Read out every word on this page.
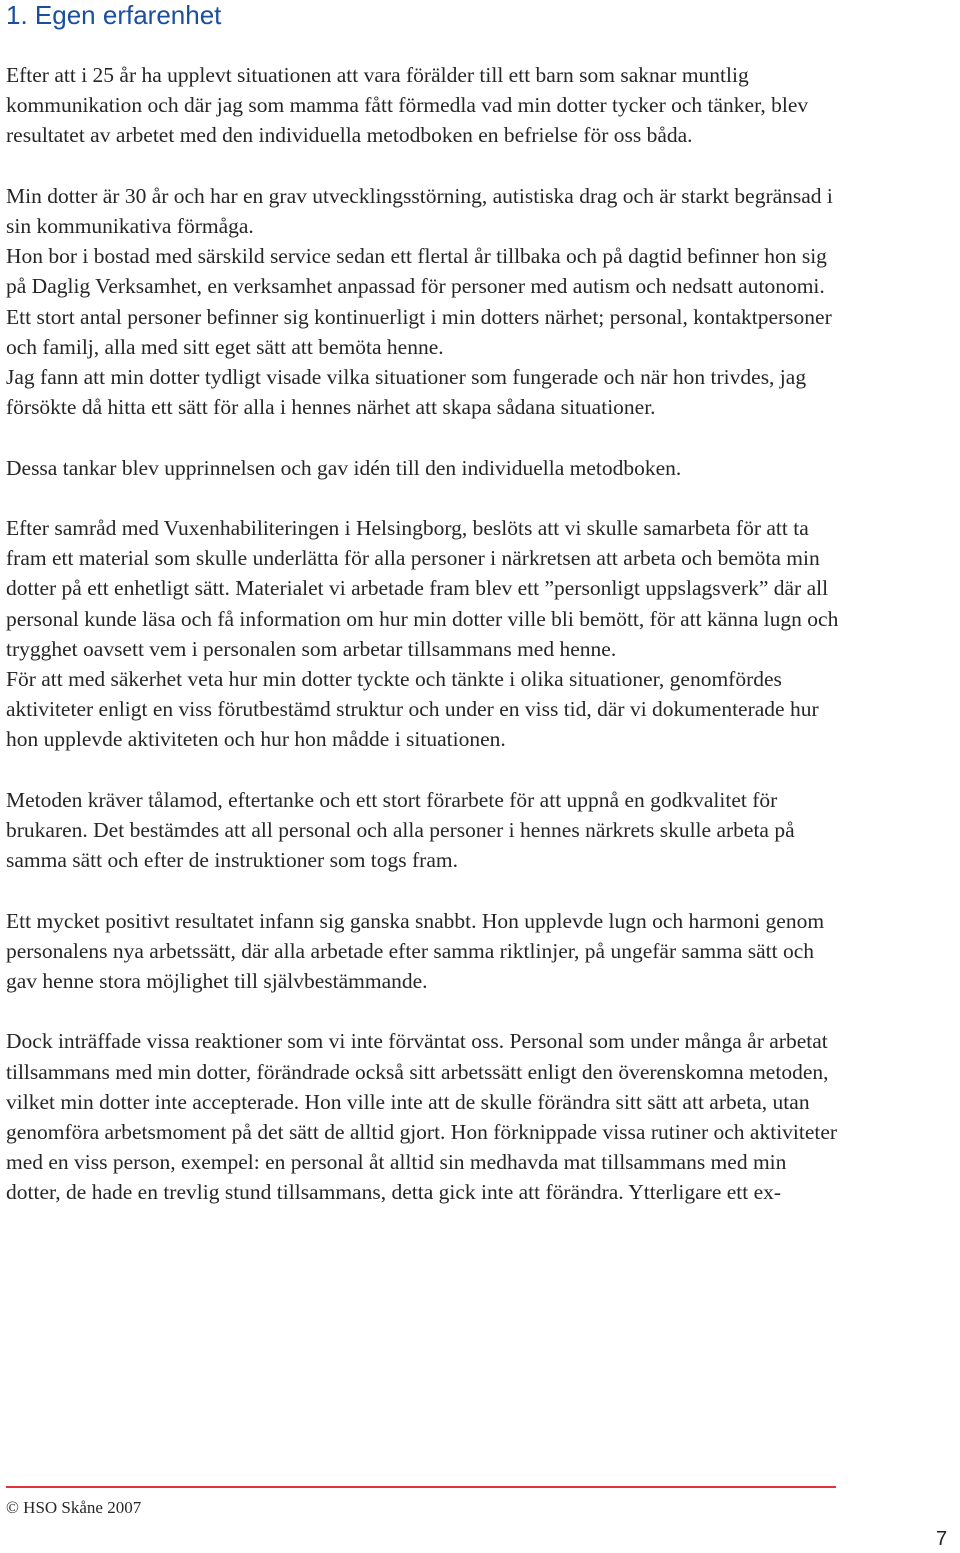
1. Egen erfarenhet

Efter att i 25 år ha upplevt situationen att vara förälder till ett barn som saknar muntlig kommunikation och där jag som mamma fått förmedla vad min dotter tycker och tänker, blev resultatet av arbetet med den individuella metodboken en befrielse för oss båda.

Min dotter är 30 år och har en grav utvecklingsstörning, autistiska drag och är starkt begränsad i sin kommunikativa förmåga.

Hon bor i bostad med särskild service sedan ett flertal år tillbaka och på dagtid befinner hon sig på Daglig Verksamhet, en verksamhet anpassad för personer med autism och nedsatt autonomi.

Ett stort antal personer befinner sig kontinuerligt i min dotters närhet; personal, kontaktpersoner och familj, alla med sitt eget sätt att bemöta henne.

Jag fann att min dotter tydligt visade vilka situationer som fungerade och när hon trivdes, jag försökte då hitta ett sätt för alla i hennes närhet att skapa sådana situationer.

Dessa tankar blev upprinnelsen och gav idén till den individuella metodboken.

Efter samråd med Vuxenhabiliteringen i Helsingborg, beslöts att vi skulle samarbeta för att ta fram ett material som skulle underlätta för alla personer i närkretsen att arbeta och bemöta min dotter på ett enhetligt sätt. Materialet vi arbetade fram blev ett ”personligt uppslagsverk” där all personal kunde läsa och få information om hur min dotter ville bli bemött, för att känna lugn och trygghet oavsett vem i personalen som arbetar tillsammans med henne.

För att med säkerhet veta hur min dotter tyckte och tänkte i olika situationer, genomfördes aktiviteter enligt en viss förutbestämd struktur och under en viss tid, där vi dokumenterade hur hon upplevde aktiviteten och hur hon mådde i situationen.

Metoden kräver tålamod, eftertanke och ett stort förarbete för att uppnå en godkvalitet för brukaren. Det bestämdes att all personal och alla personer i hennes närkrets skulle arbeta på samma sätt och efter de instruktioner som togs fram.

Ett mycket positivt resultatet infann sig ganska snabbt. Hon upplevde lugn och harmoni genom personalens nya arbetssätt, där alla arbetade efter samma riktlinjer, på ungefär samma sätt och gav henne stora möjlighet till självbestämmande.

Dock inträffade vissa reaktioner som vi inte förväntat oss. Personal som under många år arbetat tillsammans med min dotter, förändrade också sitt arbetssätt enligt den överenskomna metoden, vilket min dotter inte accepterade. Hon ville inte att de skulle förändra sitt sätt att arbeta, utan genomföra arbetsmoment på det sätt de alltid gjort. Hon förknippade vissa rutiner och aktiviteter med en viss person, exempel: en personal åt alltid sin medhavda mat tillsammans med min dotter, de hade en trevlig stund tillsammans, detta gick inte att förändra. Ytterligare ett ex-

© HSO Skåne 2007
7
